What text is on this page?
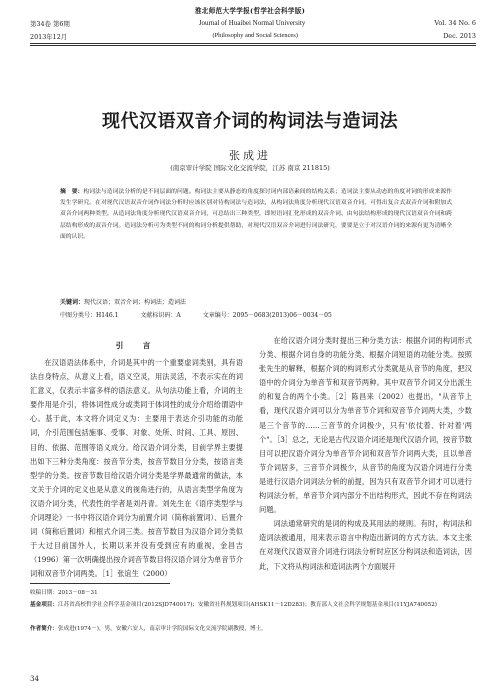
淮北师范大学学报(哲学社会科学版)
第34卷 第6期	Journal of Huaibei Normal University	Vol. 34 No. 6
2013年12月	(Philosophy and Social Sciences)	Dec. 2013
现代汉语双音介词的构词法与造词法
张成进
(南京审计学院 国际文化交流学院，江苏 南京 211815)
摘　要：构词法与造词法分析的是不同层面的问题。构词法主要从静态的角度探讨词内部语素间的结构关系；造词法主要从动态的角度对词的形成来源作发生学研究。在对现代汉语双音介词作词法分析时应该区别对待构词法与造词法，从构词法角度分析现代汉语双音介词，可得出复合式双音介词和附加式双音介词两种类型。从造词法角度分析现代汉语双音介词，可总结出三种类型，即短语词汇化形成的双音介词、由句法结构形成的现代汉语双音介词和跨层结构形成的双音介词。造词法分析可为类型不同的构词分析提供帮助，对现代汉语双音介词进行词法研究，要要是立于对汉语介词的来源有更为清晰全面的认识。
关键词：现代汉语；双音介词；构词法；造词法
中图分类号：H146.1	文献标识码：A	文章编号：2095－0683(2013)06－0034－05
引　言

在汉语语法体系中，介词是其中的一个重要虚词类别，具有语法自身特点，从意义上看，语义空灵，用法灵活，不表示实在的词汇意义，仅表示丰富多样的语法意义。从句法功能上看，介词的主要作用是介引，将体词性成分或类同于体词性的成分介绍给谓语中心。基于此，本文将介词定义为：主要用于表达介引功能的动能词，介引范围包括施事、受事、对象、处所、时间、工具、原因、目的、依据、范围等语义成分。给汉语介词分类，目前学界主要提出如下三种分类角度：按音节分类，按音节数目分分类，按语言类型学的分类。按音节数目给汉语介词分类是学界最通常的做法，本文关于介词的定义也是从意义的视角进行的，从语言类型学角度为汉语介词分类，代表性的学者是刘丹青。刘先生在《语序类型学与介词理论》一书中将汉语介词分为前置介词（简称前置词）、后置介词（简称后置词）和框式介词三类。按音节数目为汉语介词分类似于大过目前国外人，长期以来并没有受到应有的重视，金昌吉（1996）第一次明确提出按介词音节数目将汉语介词分为单音节介词和双音节介词两类。［1］张谊生（2000）

在给汉语介词分类时提出三种分类方法：根据介词的构词形式分类、根据介词自身的功能分类、根据介词短语的功能分类。按照张先生的解释，根据介词的构词形式分类就是从音节的角度，把汉语中的介词分为单音节和双音节两种。其中双音节介词又分出派生的和复合的两个小类。［2］陈昌来（2002）也提出，"从音节上看，现代汉语介词可以分为单音节介词和双音节介词两大类，少数是三个音节的……三音节的介词极少，只有'依仗着、针对着'两个"。［3］总之，无论是古代汉语介词还是现代汉语介词，按音节数目可以把汉语介词分为单音节介词和双音节介词两大类，且以单音节介词居多，三音节介词极少，从音节的角度为汉语介词进行分类是进行汉语介词词法分析的前提，因为只有双音节介词才可以进行构词法分析，单音节介词内部分不出结构形式，因此不存在构词法问题。

词法通常研究的是词的构成及其用法的规则。有时，构词法和造词法被通用，用来表示语言中构造出新词的方式方法。本文主张在对现代汉语双音介词进行词法分析时应区分构词法和造词法，因此，下文将从构词法和造词法两个方面展开

收稿日期：2013－08－31
基金项目：江苏省高校哲学社会科学基金项目(2012SJD740017)；安徽省社科规划项目(AHSK11－12D283)；教育部人文社会科学规划基金项目(11YJA740052)
作者简介：张成进(1974－)，男，安徽六安人，南京审计学院国际文化交流学院副教授，博士。
34
